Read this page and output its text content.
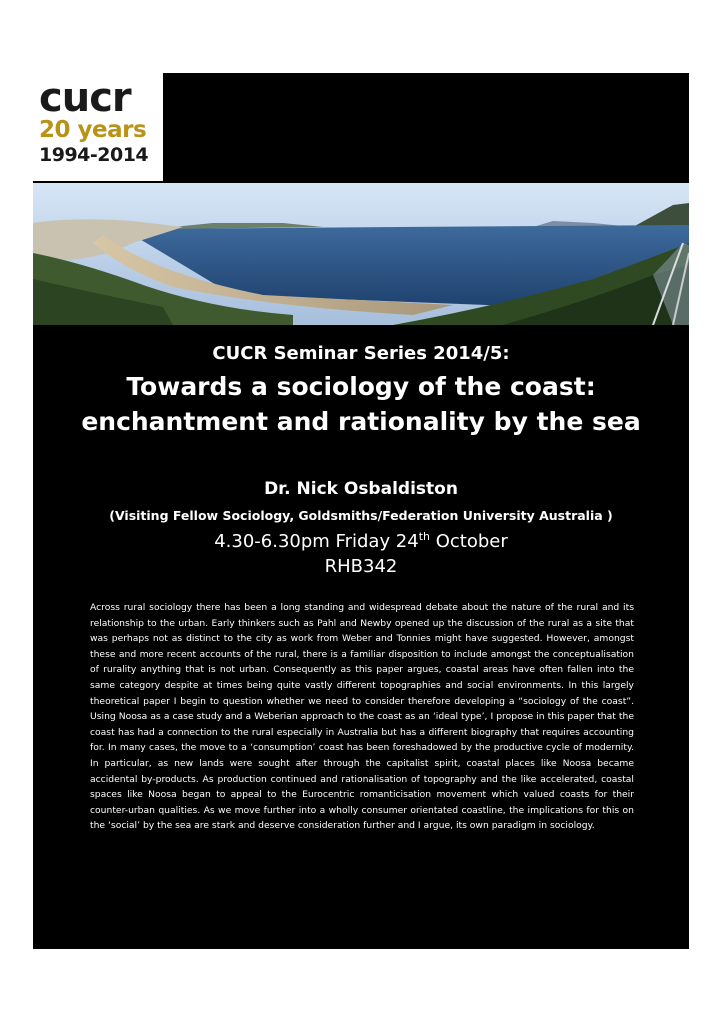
cucr
20 years
1994-2014
CUCR Seminar Series 2014/5:
Towards a sociology of the coast:
enchantment and rationality by the sea
Dr. Nick Osbaldiston
(Visiting Fellow Sociology, Goldsmiths/Federation University Australia )
4.30-6.30pm Friday 24th October
RHB342

Across rural sociology there has been a long standing and widespread debate about the nature of the rural and its relationship to the urban. Early thinkers such as Pahl and Newby opened up the discussion of the rural as a site that was perhaps not as distinct to the city as work from Weber and Tonnies might have suggested. However, amongst these and more recent accounts of the rural, there is a familiar disposition to include amongst the conceptualisation of rurality anything that is not urban. Consequently as this paper argues, coastal areas have often fallen into the same category despite at times being quite vastly different topographies and social environments. In this largely theoretical paper I begin to question whether we need to consider therefore developing a “sociology of the coast”. Using Noosa as a case study and a Weberian approach to the coast as an ‘ideal type’, I propose in this paper that the coast has had a connection to the rural especially in Australia but has a different biography that requires accounting for. In many cases, the move to a ‘consumption’ coast has been foreshadowed by the productive cycle of modernity. In particular, as new lands were sought after through the capitalist spirit, coastal places like Noosa became accidental by-products. As production continued and rationalisation of topography and the like accelerated, coastal spaces like Noosa began to appeal to the Eurocentric romanticisation movement which valued coasts for their counter-urban qualities. As we move further into a wholly consumer orientated coastline, the implications for this on the ‘social’ by the sea are stark and deserve consideration further and I argue, its own paradigm in sociology.
